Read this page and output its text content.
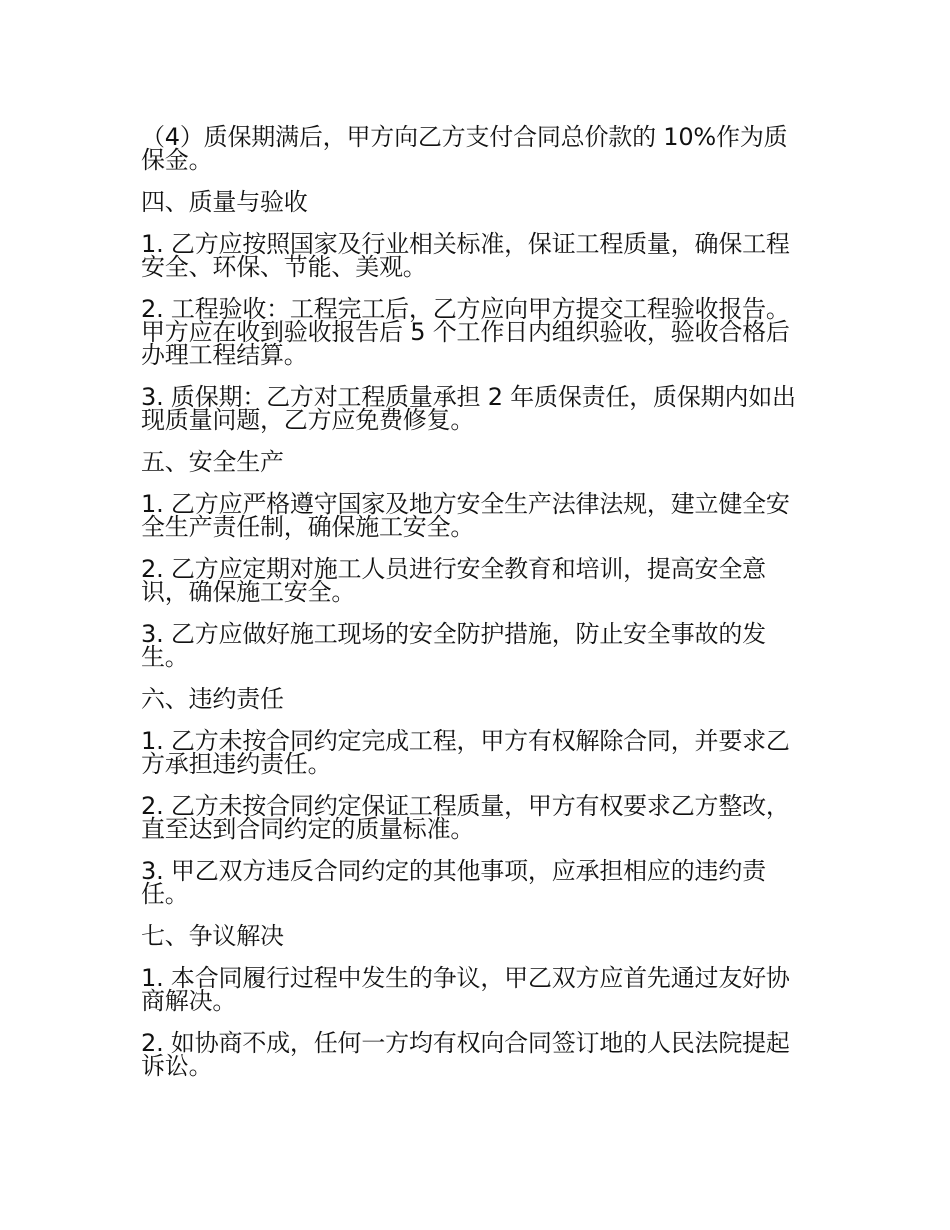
（4）质保期满后，甲方向乙方支付合同总价款的 10%作为质保金。

四、质量与验收

1. 乙方应按照国家及行业相关标准，保证工程质量，确保工程安全、环保、节能、美观。

2. 工程验收：工程完工后，乙方应向甲方提交工程验收报告。甲方应在收到验收报告后 5 个工作日内组织验收，验收合格后办理工程结算。

3. 质保期：乙方对工程质量承担 2 年质保责任，质保期内如出现质量问题，乙方应免费修复。

五、安全生产

1. 乙方应严格遵守国家及地方安全生产法律法规，建立健全安全生产责任制，确保施工安全。

2. 乙方应定期对施工人员进行安全教育和培训，提高安全意识，确保施工安全。

3. 乙方应做好施工现场的安全防护措施，防止安全事故的发生。

六、违约责任

1. 乙方未按合同约定完成工程，甲方有权解除合同，并要求乙方承担违约责任。

2. 乙方未按合同约定保证工程质量，甲方有权要求乙方整改，直至达到合同约定的质量标准。

3. 甲乙双方违反合同约定的其他事项，应承担相应的违约责任。

七、争议解决

1. 本合同履行过程中发生的争议，甲乙双方应首先通过友好协商解决。

2. 如协商不成，任何一方均有权向合同签订地的人民法院提起诉讼。
